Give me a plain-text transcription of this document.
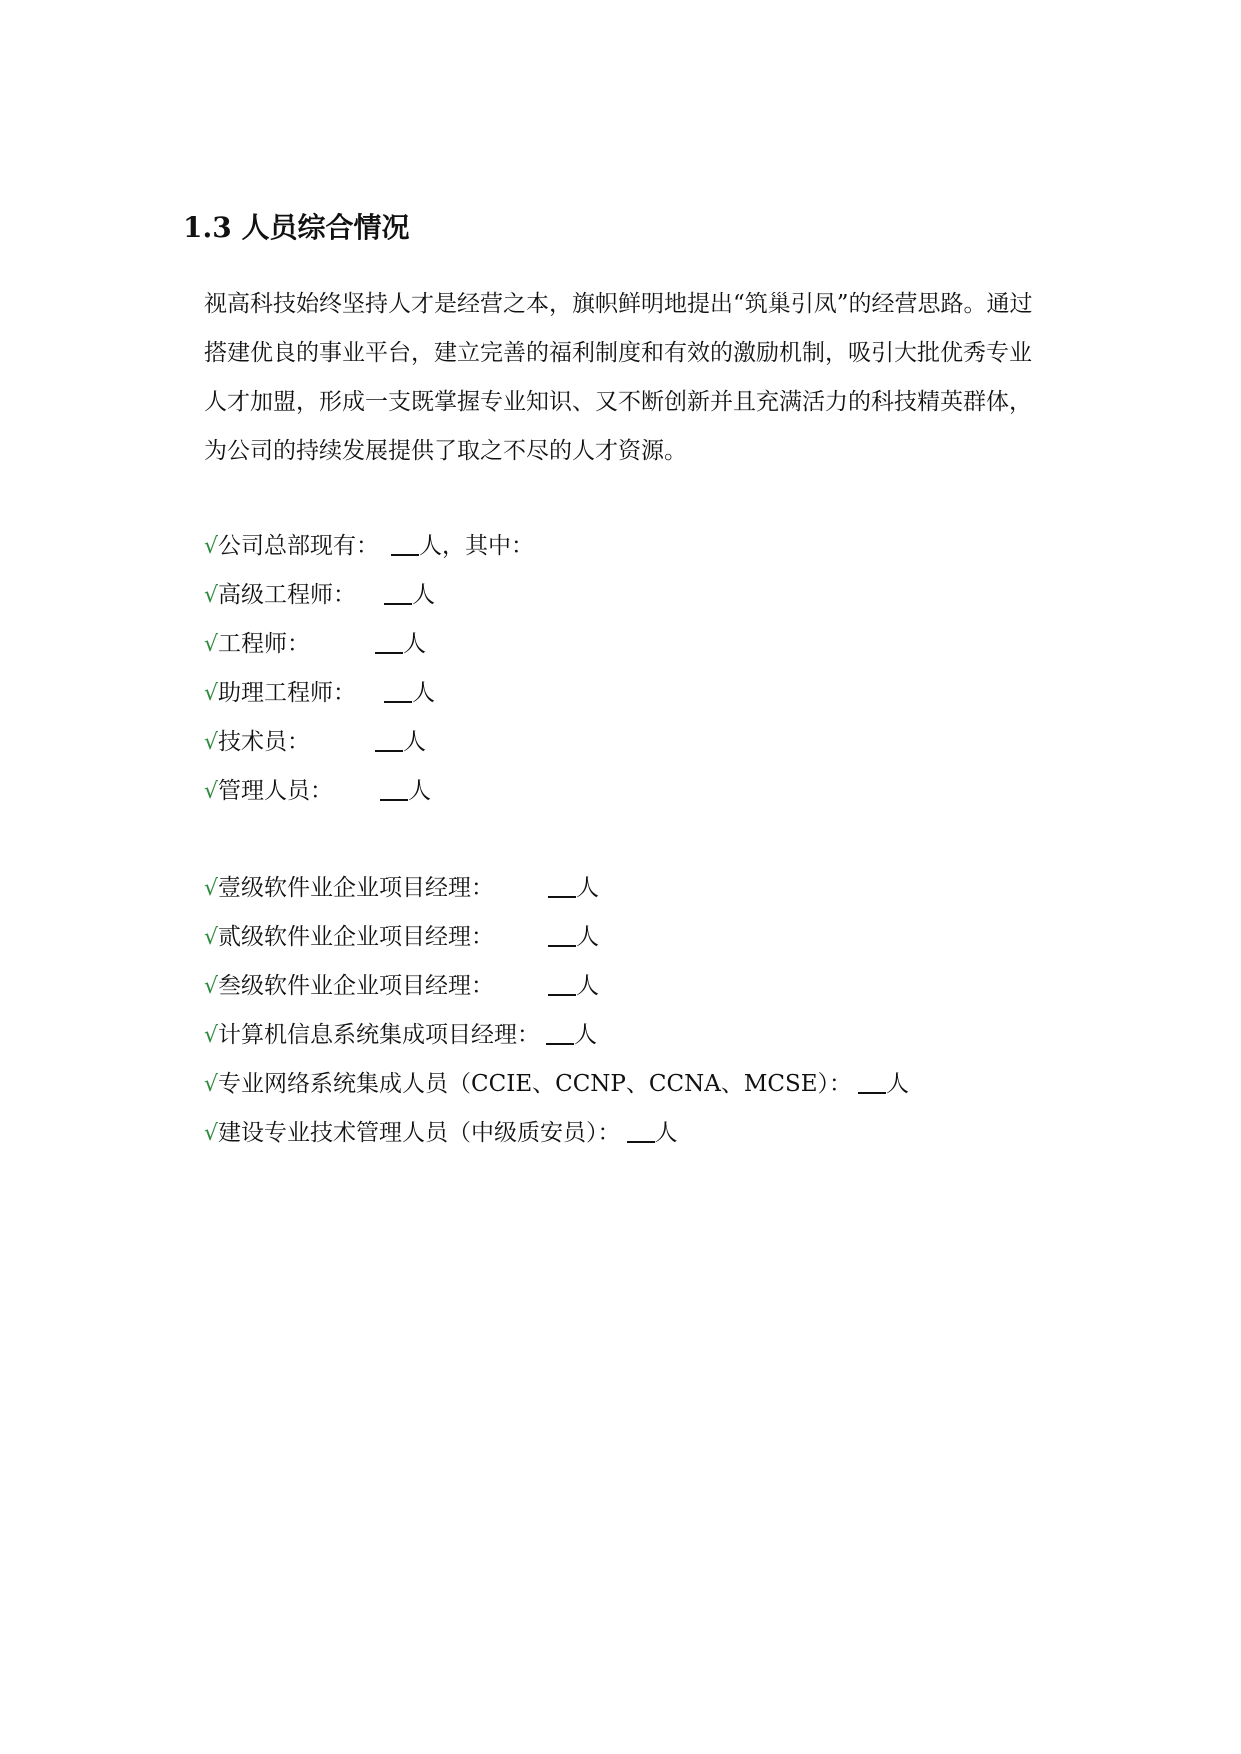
1.3 人员综合情况
视高科技始终坚持人才是经营之本，旗帜鲜明地提出“筑巢引凤”的经营思路。通过
搭建优良的事业平台，建立完善的福利制度和有效的激励机制，吸引大批优秀专业
人才加盟，形成一支既掌握专业知识、又不断创新并且充满活力的科技精英群体，
为公司的持续发展提供了取之不尽的人才资源。
√公司总部现有： 人，其中：
√高级工程师： 人
√工程师：	人
√助理工程师： 人
√技术员：	人
√管理人员：	人
√壹级软件业企业项目经理：	人
√贰级软件业企业项目经理：	人
√叁级软件业企业项目经理：	人
√计算机信息系统集成项目经理： 人
√专业网络系统集成人员（CCIE、CCNP、CCNA、MCSE）： 人
√建设专业技术管理人员（中级质安员）： 人
